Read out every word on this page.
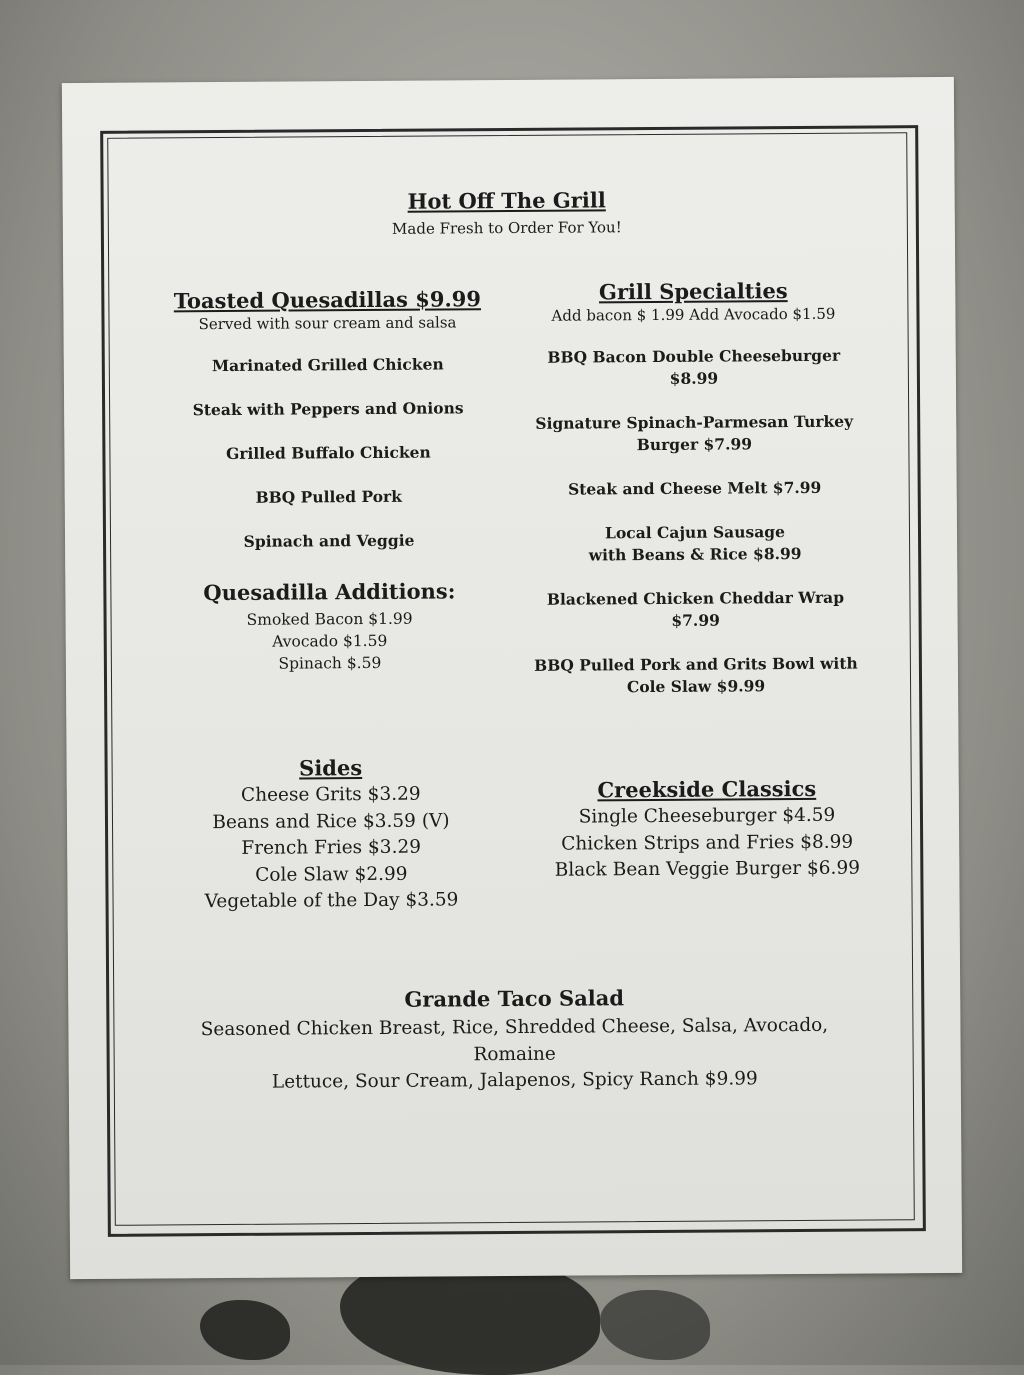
Hot Off The Grill
Made Fresh to Order For You!
Toasted Quesadillas $9.99
Served with sour cream and salsa
Marinated Grilled Chicken
Steak with Peppers and Onions
Grilled Buffalo Chicken
BBQ Pulled Pork
Spinach and Veggie
Quesadilla Additions:
Smoked Bacon $1.99
Avocado $1.59
Spinach $.59
Grill Specialties
Add bacon $ 1.99 Add Avocado $1.59
BBQ Bacon Double Cheeseburger
$8.99
Signature Spinach-Parmesan Turkey
Burger $7.99
Steak and Cheese Melt $7.99
Local Cajun Sausage
with Beans & Rice $8.99
Blackened Chicken Cheddar Wrap
$7.99
BBQ Pulled Pork and Grits Bowl with
Cole Slaw $9.99
Sides
Cheese Grits $3.29
Beans and Rice $3.59 (V)
French Fries $3.29
Cole Slaw $2.99
Vegetable of the Day $3.59
Creekside Classics
Single Cheeseburger $4.59
Chicken Strips and Fries $8.99
Black Bean Veggie Burger $6.99
Grande Taco Salad
Seasoned Chicken Breast, Rice, Shredded Cheese, Salsa, Avocado, Romaine
Lettuce, Sour Cream, Jalapenos, Spicy Ranch $9.99
